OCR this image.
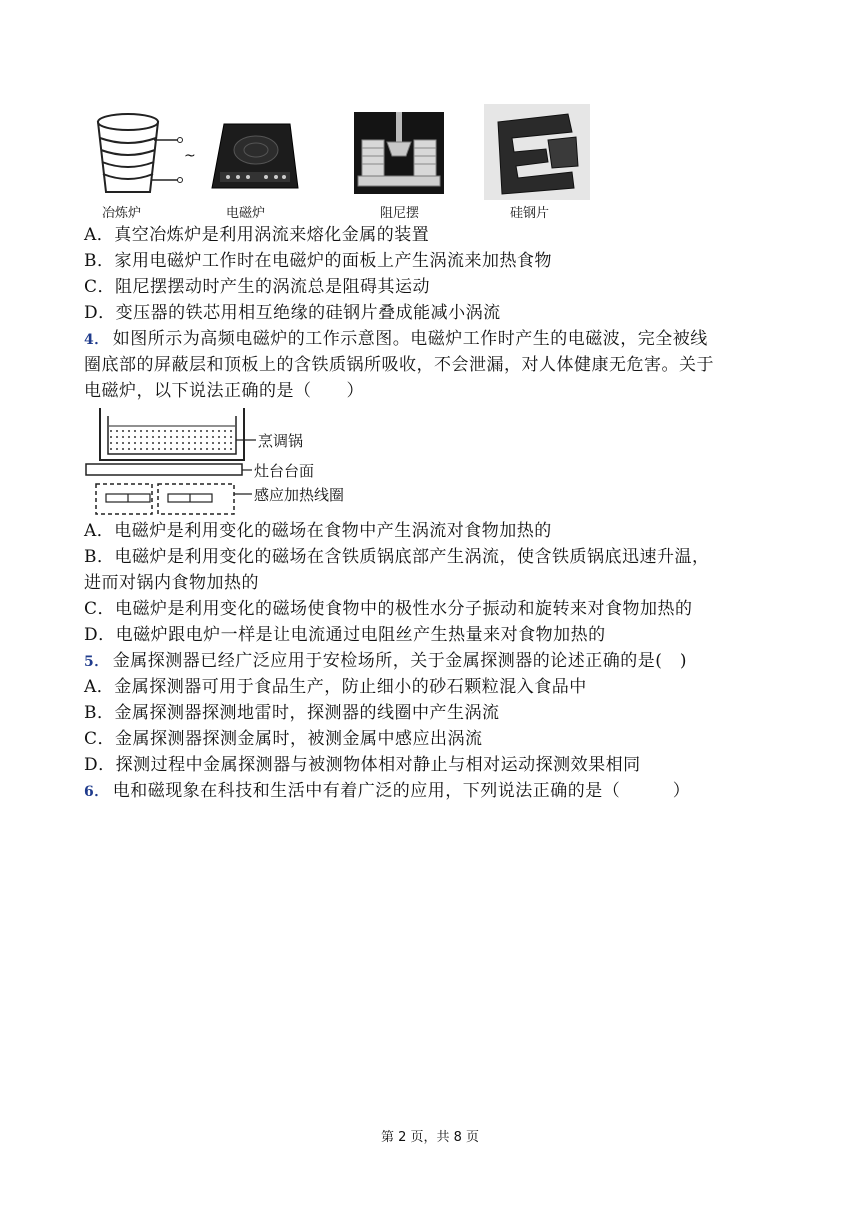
~
冶炼炉	电磁炉	阻尼摆	硅钢片
A．真空冶炼炉是利用涡流来熔化金属的装置
B．家用电磁炉工作时在电磁炉的面板上产生涡流来加热食物
C．阻尼摆摆动时产生的涡流总是阻碍其运动
D．变压器的铁芯用相互绝缘的硅钢片叠成能减小涡流
4． 如图所示为高频电磁炉的工作示意图。电磁炉工作时产生的电磁波，完全被线
圈底部的屏蔽层和顶板上的含铁质锅所吸收，不会泄漏，对人体健康无危害。关于
电磁炉，以下说法正确的是（　　）
烹调锅
灶台台面
感应加热线圈
A．电磁炉是利用变化的磁场在食物中产生涡流对食物加热的
B．电磁炉是利用变化的磁场在含铁质锅底部产生涡流，使含铁质锅底迅速升温，
进而对锅内食物加热的
C．电磁炉是利用变化的磁场使食物中的极性水分子振动和旋转来对食物加热的
D．电磁炉跟电炉一样是让电流通过电阻丝产生热量来对食物加热的
5． 金属探测器已经广泛应用于安检场所，关于金属探测器的论述正确的是(　)
A．金属探测器可用于食品生产，防止细小的砂石颗粒混入食品中
B．金属探测器探测地雷时，探测器的线圈中产生涡流
C．金属探测器探测金属时，被测金属中感应出涡流
D．探测过程中金属探测器与被测物体相对静止与相对运动探测效果相同
6． 电和磁现象在科技和生活中有着广泛的应用，下列说法正确的是（　　　）
第 2 页，共 8 页
